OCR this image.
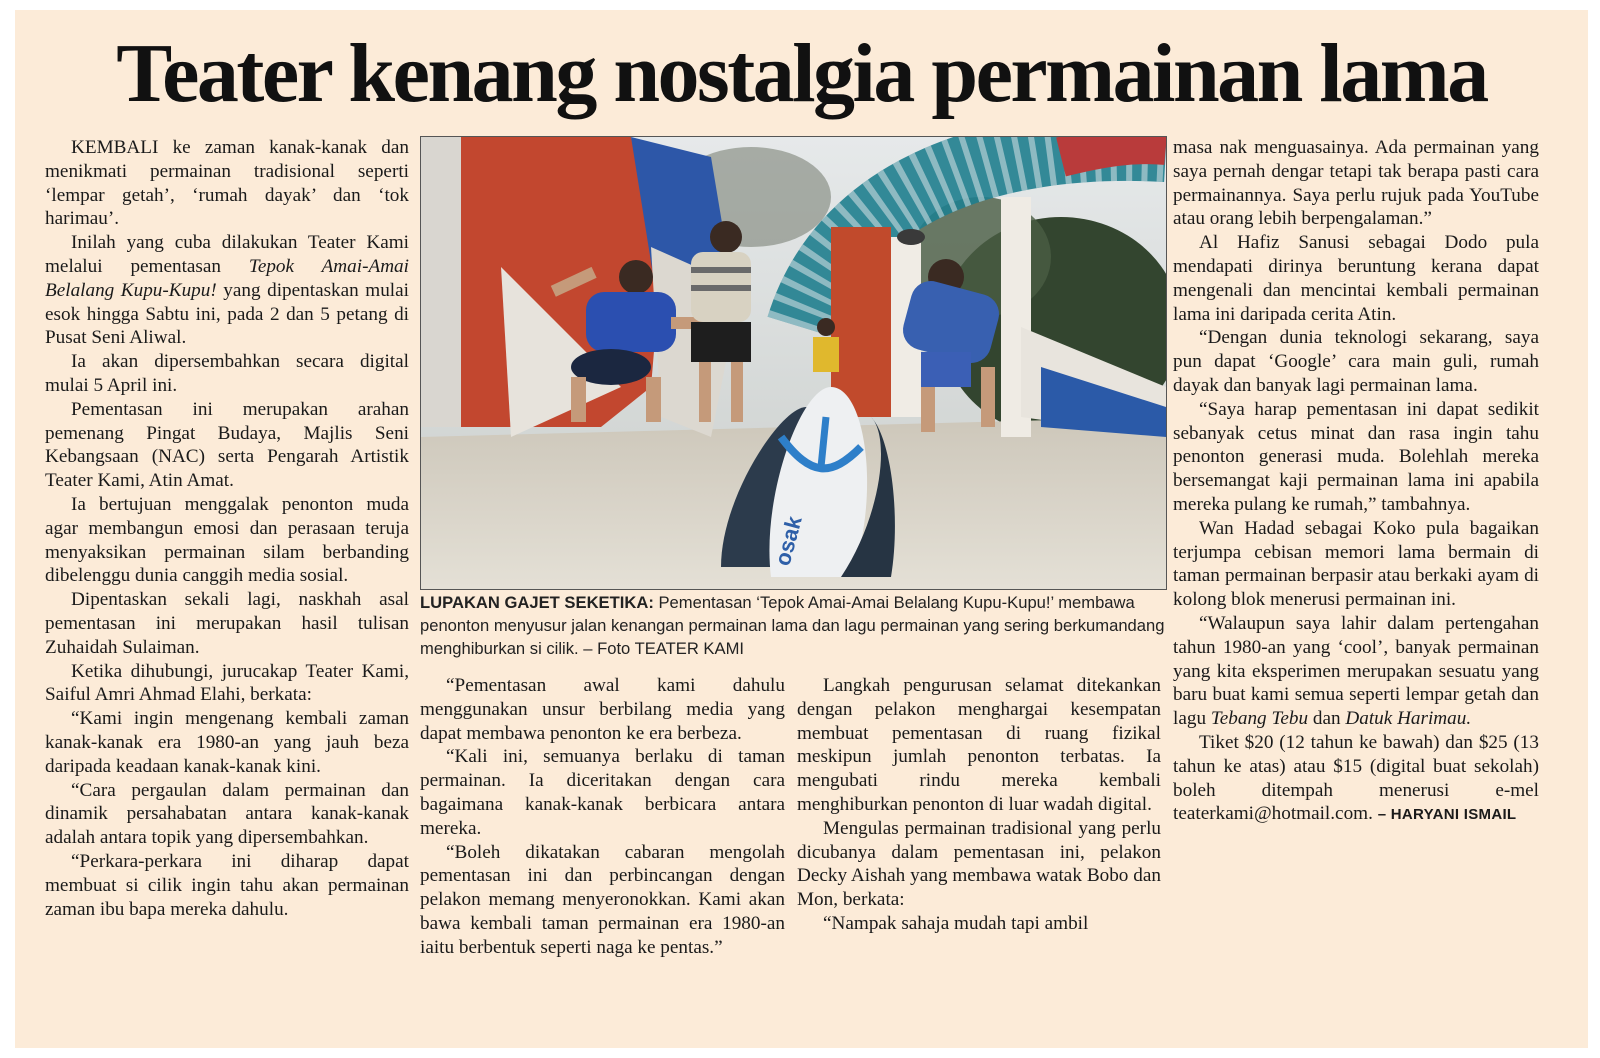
Teater kenang nostalgia permainan lama

KEMBALI ke zaman kanak-kanak dan menikmati permainan tradisional seperti ‘lempar getah’, ‘rumah dayak’ dan ‘tok harimau’.

Inilah yang cuba dilakukan Teater Kami melalui pementasan Tepok Amai-Amai Belalang Kupu-Kupu! yang dipentaskan mulai esok hingga Sabtu ini, pada 2 dan 5 petang di Pusat Seni Aliwal.

Ia akan dipersembahkan secara digital mulai 5 April ini.

Pementasan ini merupakan arahan pemenang Pingat Budaya, Majlis Seni Kebangsaan (NAC) serta Pengarah Artistik Teater Kami, Atin Amat.

Ia bertujuan menggalak penonton muda agar membangun emosi dan perasaan teruja menyaksikan permainan silam berbanding dibelenggu dunia canggih media sosial.

Dipentaskan sekali lagi, naskhah asal pementasan ini merupakan hasil tulisan Zuhaidah Sulaiman.

Ketika dihubungi, jurucakap Teater Kami, Saiful Amri Ahmad Elahi, berkata:

“Kami ingin mengenang kembali zaman kanak-kanak era 1980-an yang jauh beza daripada keadaan kanak-kanak kini.

“Cara pergaulan dalam permainan dan dinamik persahabatan antara kanak-kanak adalah antara topik yang dipersembahkan.

“Perkara-perkara ini diharap dapat membuat si cilik ingin tahu akan permainan zaman ibu bapa mereka dahulu.

osak

LUPAKAN GAJET SEKETIKA: Pementasan ‘Tepok Amai-Amai Belalang Kupu-Kupu!’ membawa penonton menyusur jalan kenangan permainan lama dan lagu permainan yang sering berkumandang menghiburkan si cilik. – Foto TEATER KAMI

“Pementasan awal kami dahulu menggunakan unsur berbilang media yang dapat membawa penonton ke era berbeza.

“Kali ini, semuanya berlaku di taman permainan. Ia diceritakan dengan cara bagaimana kanak-kanak berbicara antara mereka.

“Boleh dikatakan cabaran mengolah pementasan ini dan perbincangan dengan pelakon memang menyeronokkan. Kami akan bawa kembali taman permainan era 1980-an iaitu berbentuk seperti naga ke pentas.”

Langkah pengurusan selamat ditekankan dengan pelakon menghargai kesempatan membuat pementasan di ruang fizikal meskipun jumlah penonton terbatas. Ia mengubati rindu mereka kembali menghiburkan penonton di luar wadah digital.

Mengulas permainan tradisional yang perlu dicubanya dalam pementasan ini, pelakon Decky Aishah yang membawa watak Bobo dan Mon, berkata:

“Nampak sahaja mudah tapi ambil

masa nak menguasainya. Ada permainan yang saya pernah dengar tetapi tak berapa pasti cara permainannya. Saya perlu rujuk pada YouTube atau orang lebih berpengalaman.”

Al Hafiz Sanusi sebagai Dodo pula mendapati dirinya beruntung kerana dapat mengenali dan mencintai kembali permainan lama ini daripada cerita Atin.

“Dengan dunia teknologi sekarang, saya pun dapat ‘Google’ cara main guli, rumah dayak dan banyak lagi permainan lama.

“Saya harap pementasan ini dapat sedikit sebanyak cetus minat dan rasa ingin tahu penonton generasi muda. Bolehlah mereka bersemangat kaji permainan lama ini apabila mereka pulang ke rumah,” tambahnya.

Wan Hadad sebagai Koko pula bagaikan terjumpa cebisan memori lama bermain di taman permainan berpasir atau berkaki ayam di kolong blok menerusi permainan ini.

“Walaupun saya lahir dalam pertengahan tahun 1980-an yang ‘cool’, banyak permainan yang kita eksperimen merupakan sesuatu yang baru buat kami semua seperti lempar getah dan lagu Tebang Tebu dan Datuk Harimau.

Tiket $20 (12 tahun ke bawah) dan $25 (13 tahun ke atas) atau $15 (digital buat sekolah) boleh ditempah menerusi e-mel teaterkami@hotmail.com. – HARYANI ISMAIL
